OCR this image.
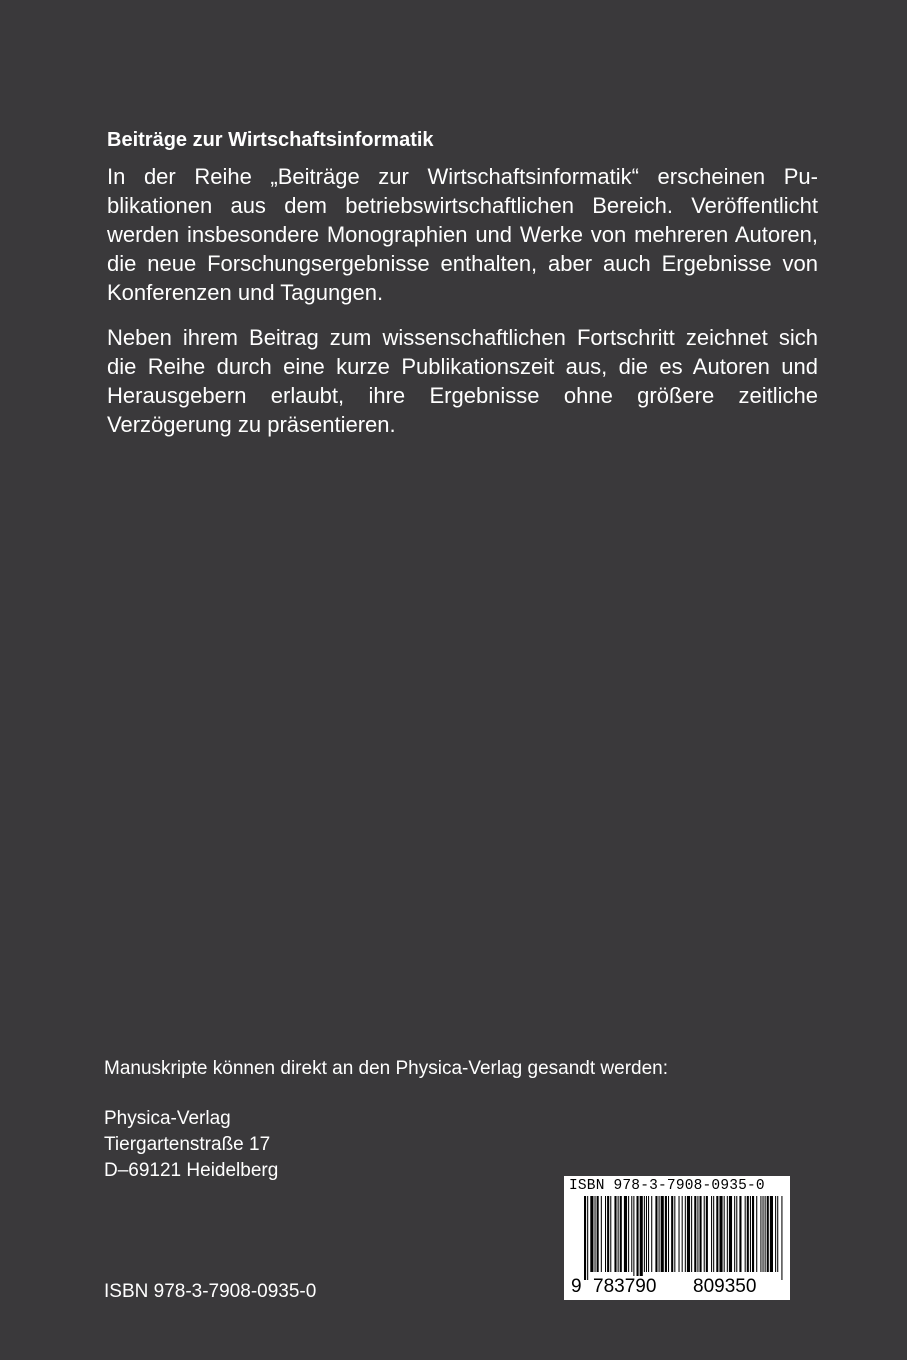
Beiträge zur Wirtschaftsinformatik

In der Reihe „Beiträge zur Wirtschaftsinformatik“ erscheinen Publikationen aus dem betriebswirtschaftlichen Bereich. Veröffentlicht werden insbesondere Monographien und Werke von mehreren Autoren, die neue Forschungsergebnisse enthalten, aber auch Ergebnisse von Konferenzen und Tagungen.

Neben ihrem Beitrag zum wissenschaftlichen Fortschritt zeichnet sich die Reihe durch eine kurze Publikationszeit aus, die es Autoren und Herausgebern erlaubt, ihre Ergebnisse ohne größere zeitliche Verzögerung zu präsentieren.

Manuskripte können direkt an den Physica-Verlag gesandt werden:
Physica-Verlag
Tiergartenstraße 17
D–69121 Heidelberg
ISBN 978-3-7908-0935-0
ISBN 978-3-7908-0935-0
9 783790 809350
